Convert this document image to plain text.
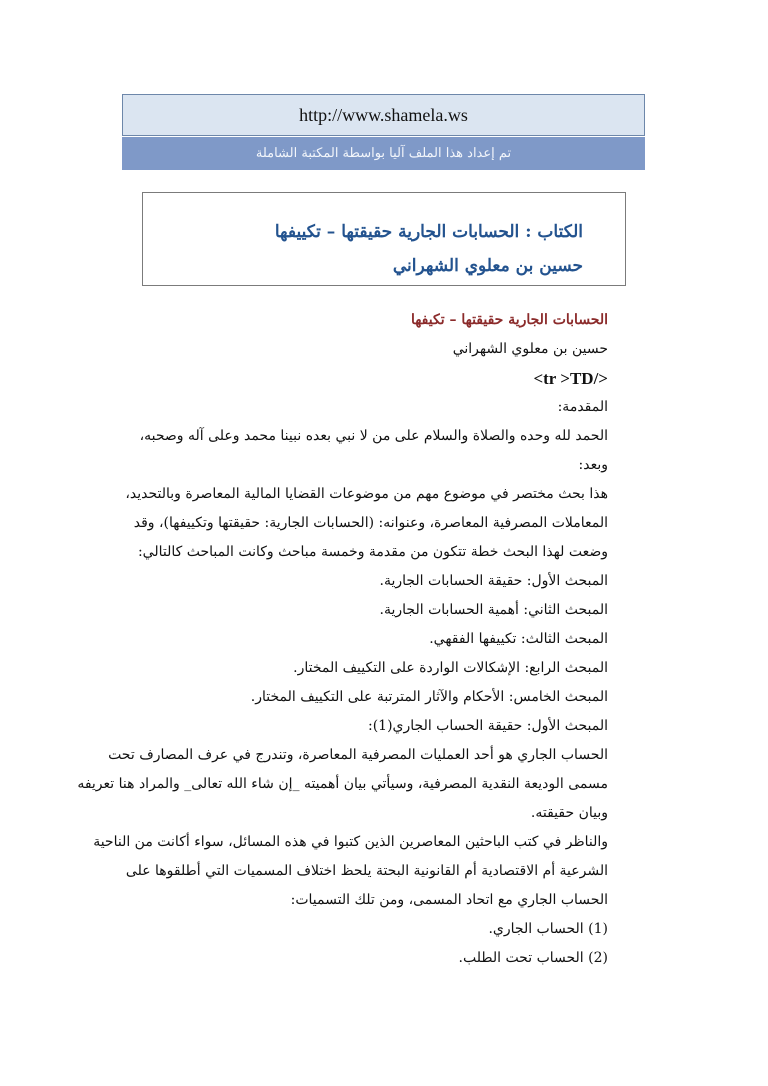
http://www.shamela.ws
تم إعداد هذا الملف آليا بواسطة المكتبة الشاملة
الكتاب : الحسابات الجارية حقيقتها – تكييفها
حسين بن معلوي الشهراني
الحسابات الجارية حقيقتها – تكيفها
حسين بن معلوي الشهراني
<tr >TD/>
المقدمة:
الحمد لله وحده والصلاة والسلام على من لا نبي بعده نبينا محمد وعلى آله وصحبه،
وبعد:
هذا بحث مختصر في موضوع مهم من موضوعات القضايا المالية المعاصرة وبالتحديد،
المعاملات المصرفية المعاصرة، وعنوانه: (الحسابات الجارية: حقيقتها وتكييفها)، وقد
وضعت لهذا البحث خطة تتكون من مقدمة وخمسة مباحث وكانت المباحث كالتالي:
المبحث الأول: حقيقة الحسابات الجارية.
المبحث الثاني: أهمية الحسابات الجارية.
المبحث الثالث: تكييفها الفقهي.
المبحث الرابع: الإشكالات الواردة على التكييف المختار.
المبحث الخامس: الأحكام والآثار المترتبة على التكييف المختار.
المبحث الأول: حقيقة الحساب الجاري(1):
الحساب الجاري هو أحد العمليات المصرفية المعاصرة، وتندرج في عرف المصارف تحت
مسمى الوديعة النقدية المصرفية، وسيأتي بيان أهميته _إن شاء الله تعالى_ والمراد هنا تعريفه
وبيان حقيقته.
والناظر في كتب الباحثين المعاصرين الذين كتبوا في هذه المسائل، سواء أكانت من الناحية
الشرعية أم الاقتصادية أم القانونية البحتة يلحظ اختلاف المسميات التي أطلقوها على
الحساب الجاري مع اتحاد المسمى، ومن تلك التسميات:
(1) الحساب الجاري.
(2) الحساب تحت الطلب.
